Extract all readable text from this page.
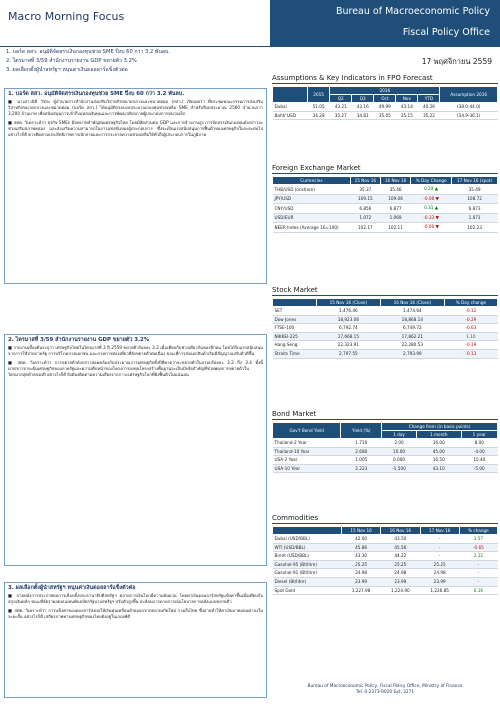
Macro Morning Focus	Bureau of Macroeconomic Policy
Fiscal Policy Office
1. บอร์ด สสว. อนุมัติจัดสรรเงินกองทุนช่วย SME ปีงบ 60 กว่า 3.2 พันลบ.
2. ไตรมาสที่ 3/59 สำนักงานรายงาน GDP ขยายตัว 3.2%
3. ผลเลือกตั้งผู้นำสหรัฐฯ หนุนค่าเงินดอลลาร์แข็งตัวต่อ
17 พฤศจิกายน 2559
1. บอร์ด สสว. อนุมัติจัดสรรเงินกองทุนช่วย SME ปีงบ 60 กว่า 3.2 พันลบ.
■ นางสาวนิธิ วัชระ ผู้อำนวยการสำนักงานส่งเสริมวิสาหกิจขนาดกลางและขนาดย่อม (สสว.) เปิดเผยว่า ที่ประชุมคณะกรรมการส่งเสริมวิสาหกิจขนาดกลางและขนาดย่อม (บอร์ด สสว.) ได้อนุมัติกรอบงบประมาณกองทุนช่วยเหลือ SME สำหรับปีงบประมาณ 2560 จำนวนกว่า 3,200 ล้านบาท เพื่อสนับสนุนการเข้าถึงแหล่งเงินทุนและการพัฒนาศักยภาพผู้ประกอบการขนาดเล็ก
■ สศค. วิเคราะห์ว่า ธุรกิจ SMEs มีบทบาทสำคัญต่อเศรษฐกิจไทย โดยมีสัดส่วนต่อ GDP และการจ้างงานสูง การจัดสรรเงินกองทุนดังกล่าวจะช่วยเสริมสภาพคล่อง และส่งเสริมความสามารถในการแข่งขันของผู้ประกอบการ ซึ่งจะเป็นแรงสนับสนุนการฟื้นตัวของเศรษฐกิจในระยะต่อไป อย่างไรก็ดี ควรติดตามประสิทธิภาพการเบิกจ่ายและการกระจายความช่วยเหลือให้ทั่วถึงผู้ประกอบการในภูมิภาค
2. ไตรมาสที่ 3/59 สำนักงานรายงาน GDP ขยายตัว 3.2%
■ รายงานเบื้องต้นระบุว่า เศรษฐกิจไทยในไตรมาสที่ 3 ปี 2559 ขยายตัวร้อยละ 3.2 เมื่อเทียบกับช่วงเดียวกันของปีก่อน โดยได้รับแรงสนับสนุนจากการใช้จ่ายภาครัฐ การบริโภคภาคเอกชน และภาคการท่องเที่ยวที่ยังขยายตัวต่อเนื่อง ขณะที่การส่งออกสินค้าเริ่มมีสัญญาณปรับตัวดีขึ้น
■ สศค. วิเคราะห์ว่า การขยายตัวดังกล่าวสอดคล้องกับประมาณการเศรษฐกิจทั้งปีที่คาดว่าจะขยายตัวในกรอบร้อยละ 3.2 ถึง 3.4 ทั้งนี้ มาตรการกระตุ้นเศรษฐกิจของภาครัฐและความคืบหน้าของโครงการลงทุนโครงสร้างพื้นฐานจะเป็นปัจจัยสำคัญที่ช่วยพยุงการขยายตัวในไตรมาสสุดท้ายของปี อย่างไรก็ดี ยังต้องติดตามความเสี่ยงจากภาวะเศรษฐกิจโลกที่ยังฟื้นตัวไม่แน่นอน
3. ผลเลือกตั้งผู้นำสหรัฐฯ หนุนค่าเงินดอลลาร์แข็งตัวต่อ
■ ภายหลังการประกาศผลการเลือกตั้งประธานาธิบดีสหรัฐฯ ตลาดการเงินโลกมีความผันผวน โดยค่าเงินดอลลาร์สหรัฐแข็งค่าขึ้นเมื่อเทียบกับสกุลเงินหลัก ขณะที่อัตราผลตอบแทนพันธบัตรรัฐบาลสหรัฐฯ ปรับตัวสูงขึ้น สะท้อนการคาดการณ์นโยบายการคลังแบบขยายตัว
■ สศค. วิเคราะห์ว่า การแข็งค่าของดอลลาร์ส่งผลให้เงินทุนเคลื่อนย้ายออกจากตลาดเกิดใหม่ รวมถึงไทย ซึ่งอาจทำให้ค่าเงินบาทอ่อนค่าลงในระยะสั้น อย่างไรก็ดี เสถียรภาพทางเศรษฐกิจของไทยยังอยู่ในเกณฑ์ดี
Assumptions & Key Indicators in FPO Forecast
	2015	2016					Assumption 2016
		Q2	Q3	Oct	Nov	YTD	
Dubai	51.05	43.21	43.16	49.99	43.14	40.26	(38.0-44.0)
Baht/ USD	34.28	35.27	34.81	35.05	35.15	35.22	(34.9-36.1)
Foreign Exchange Market
Currencies	15 Nov 16	16 Nov 16	% Day Change	17 Nov 16 (spot)
THB/USD (onshore)	35.37	35.46	0.24 ▲	35.49
JPY/USD	109.15	109.06	-0.08 ▼	108.72
CNY/USD	6.856	6.877	0.31 ▲	6.873
USD/EUR	1.072	1.069	-0.33 ▼	1.071
NEER Index (Average 16=100)	102.17	102.11	-0.06 ▼	102.23
Stock Market
	15 Nov 16 (Close)	16 Nov 16 (Close)	% Day change
SET	1,476.46	1,474.64	-0.12
Dow Jones	18,923.06	18,868.14	-0.29
FTSE-100	6,792.74	6,749.72	-0.63
NIKKEI-225	17,668.15	17,862.21	1.10
Hang Seng	22,323.91	22,280.53	-0.19
Straits Time	2,797.55	2,793.99	-0.13
Bond Market
Gov't Bond Yield	Yield (%)	Change from (in basis points)		
		1 day	1 month	1 year
Thailand-2 Year	1.710	2.00	16.00	8.00
Thailand-10 Year	2.680	10.00	45.00	-4.00
USA-2 Year	1.005	0.000	16.50	15.40
USA-10 Year	2.223	-1.500	43.10	-5.00
Commodities
	15 Nov 16	16 Nov 16	17 Nov 16	% change
Dubai (USD/BBL)	42.00	43.50	-	3.57
WTI (USD/BBL)	45.86	45.56	-	-0.65
Brent (USD/BBL)	43.30	44.22	-	2.12
Gasohol-95 (Bt/litre)	25.25	25.25	25.25	-
Gasohol-91 (Bt/litre)	24.98	24.98	24.98	-
Diesel (Bt/litre)	23.99	23.99	23.99	-
Spot Gold	1,227.98	1,224.90	1,226.85	0.16
Bureau of Macroeconomic Policy, Fiscal Policy Office, Ministry of Finance
Tel. 0-2273-9020 Ext. 3271
